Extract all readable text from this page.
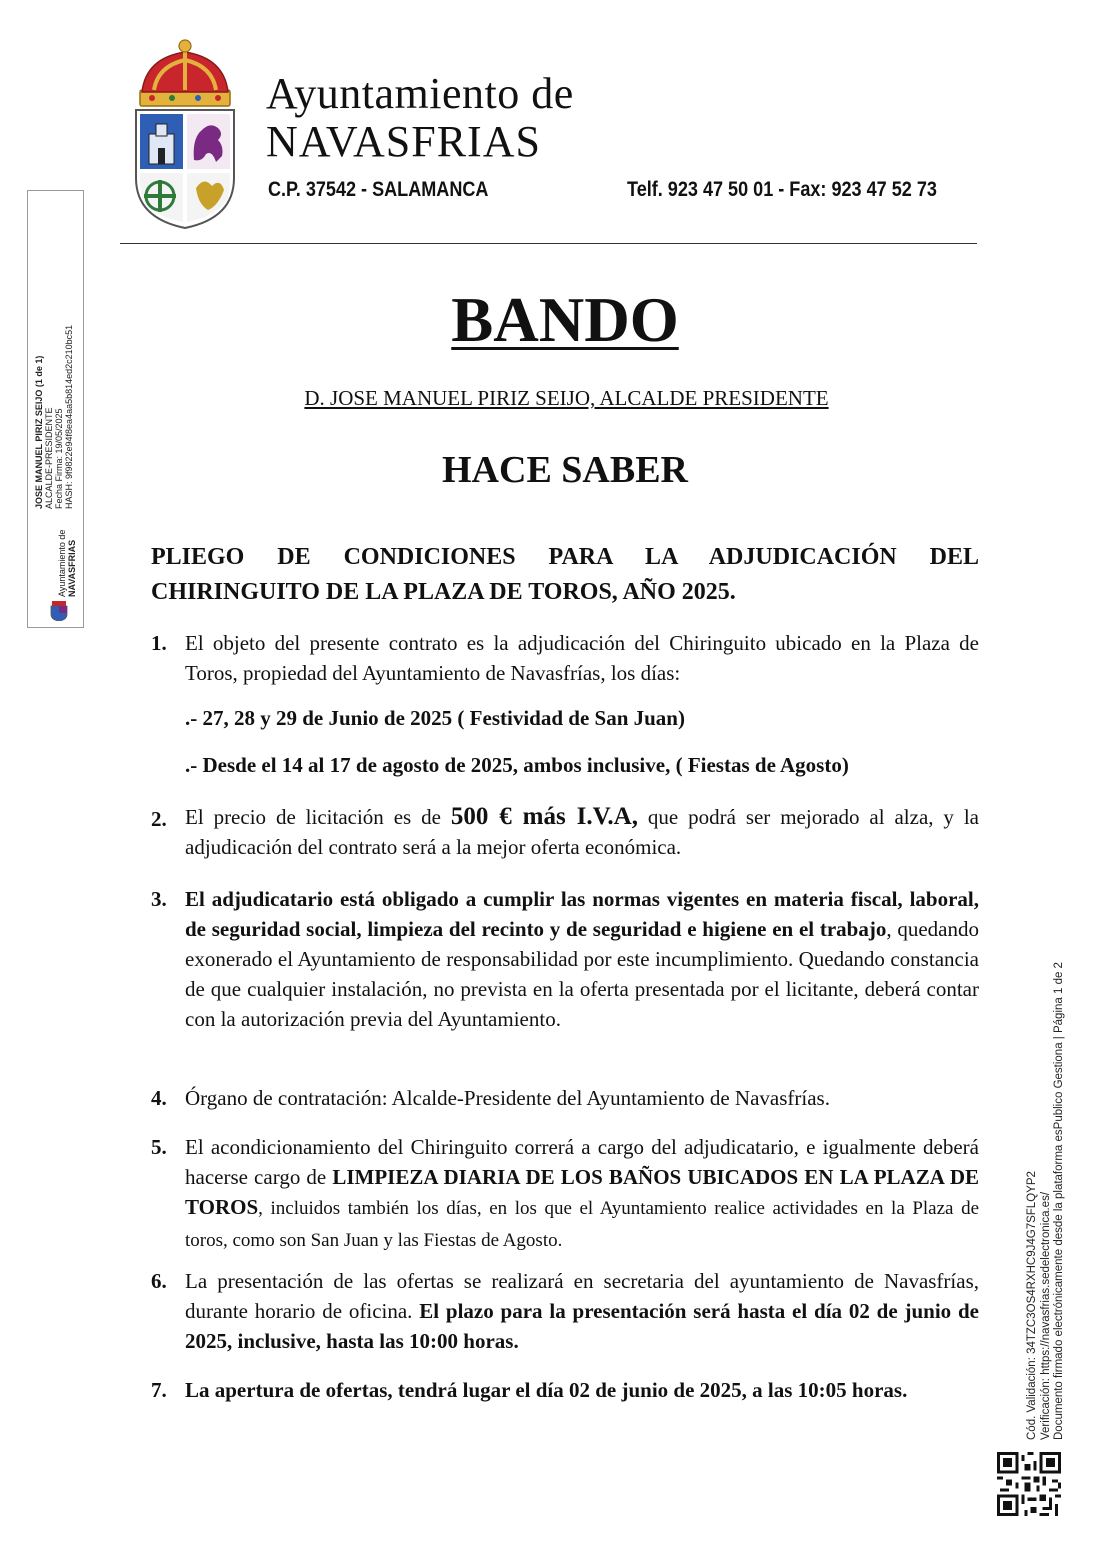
Ayuntamiento de
NAVASFRIAS
C.P. 37542 - SALAMANCA	Telf. 923 47 50 01 - Fax: 923 47 52 73
BANDO
D. JOSE MANUEL PIRIZ SEIJO, ALCALDE PRESIDENTE
HACE SABER
PLIEGO DE CONDICIONES PARA LA ADJUDICACIÓN DEL
CHIRINGUITO DE LA PLAZA DE TOROS, AÑO 2025.
1. El objeto del presente contrato es la adjudicación del Chiringuito ubicado en la Plaza de Toros, propiedad del Ayuntamiento de Navasfrías, los días:
.- 27, 28 y 29 de Junio de 2025 ( Festividad de San Juan)
.- Desde el 14 al 17 de agosto de 2025, ambos inclusive, ( Fiestas de Agosto)
2. El precio de licitación es de 500 € más I.V.A, que podrá ser mejorado al alza, y la adjudicación del contrato será a la mejor oferta económica.
3. El adjudicatario está obligado a cumplir las normas vigentes en materia fiscal, laboral, de seguridad social, limpieza del recinto y de seguridad e higiene en el trabajo, quedando exonerado el Ayuntamiento de responsabilidad por este incumplimiento. Quedando constancia de que cualquier instalación, no prevista en la oferta presentada por el licitante, deberá contar con la autorización previa del Ayuntamiento.
4. Órgano de contratación: Alcalde-Presidente del Ayuntamiento de Navasfrías.
5. El acondicionamiento del Chiringuito correrá a cargo del adjudicatario, e igualmente deberá hacerse cargo de LIMPIEZA DIARIA DE LOS BAÑOS UBICADOS EN LA PLAZA DE TOROS, incluidos también los días, en los que el Ayuntamiento realice actividades en la Plaza de toros, como son San Juan y las Fiestas de Agosto.
6. La presentación de las ofertas se realizará en secretaria del ayuntamiento de Navasfrías, durante horario de oficina. El plazo para la presentación será hasta el día 02 de junio de 2025, inclusive, hasta las 10:00 horas.
7. La apertura de ofertas, tendrá lugar el día 02 de junio de 2025, a las 10:05 horas.
JOSE MANUEL PIRIZ SEIJO (1 de 1) ALCALDE-PRESIDENTE Fecha Firma: 19/05/2025 HASH: 9f9822e94f8ea4aa5b814ed2c210bc51
Ayuntamiento de NAVASFRIAS
Cód. Validación: 34TZC3OS4RXHC9J4G7SFLQYP2 Verificación: https://navasfrias.sedelectronica.es/ Documento firmado electrónicamente desde la plataforma esPublico Gestiona | Página 1 de 2
